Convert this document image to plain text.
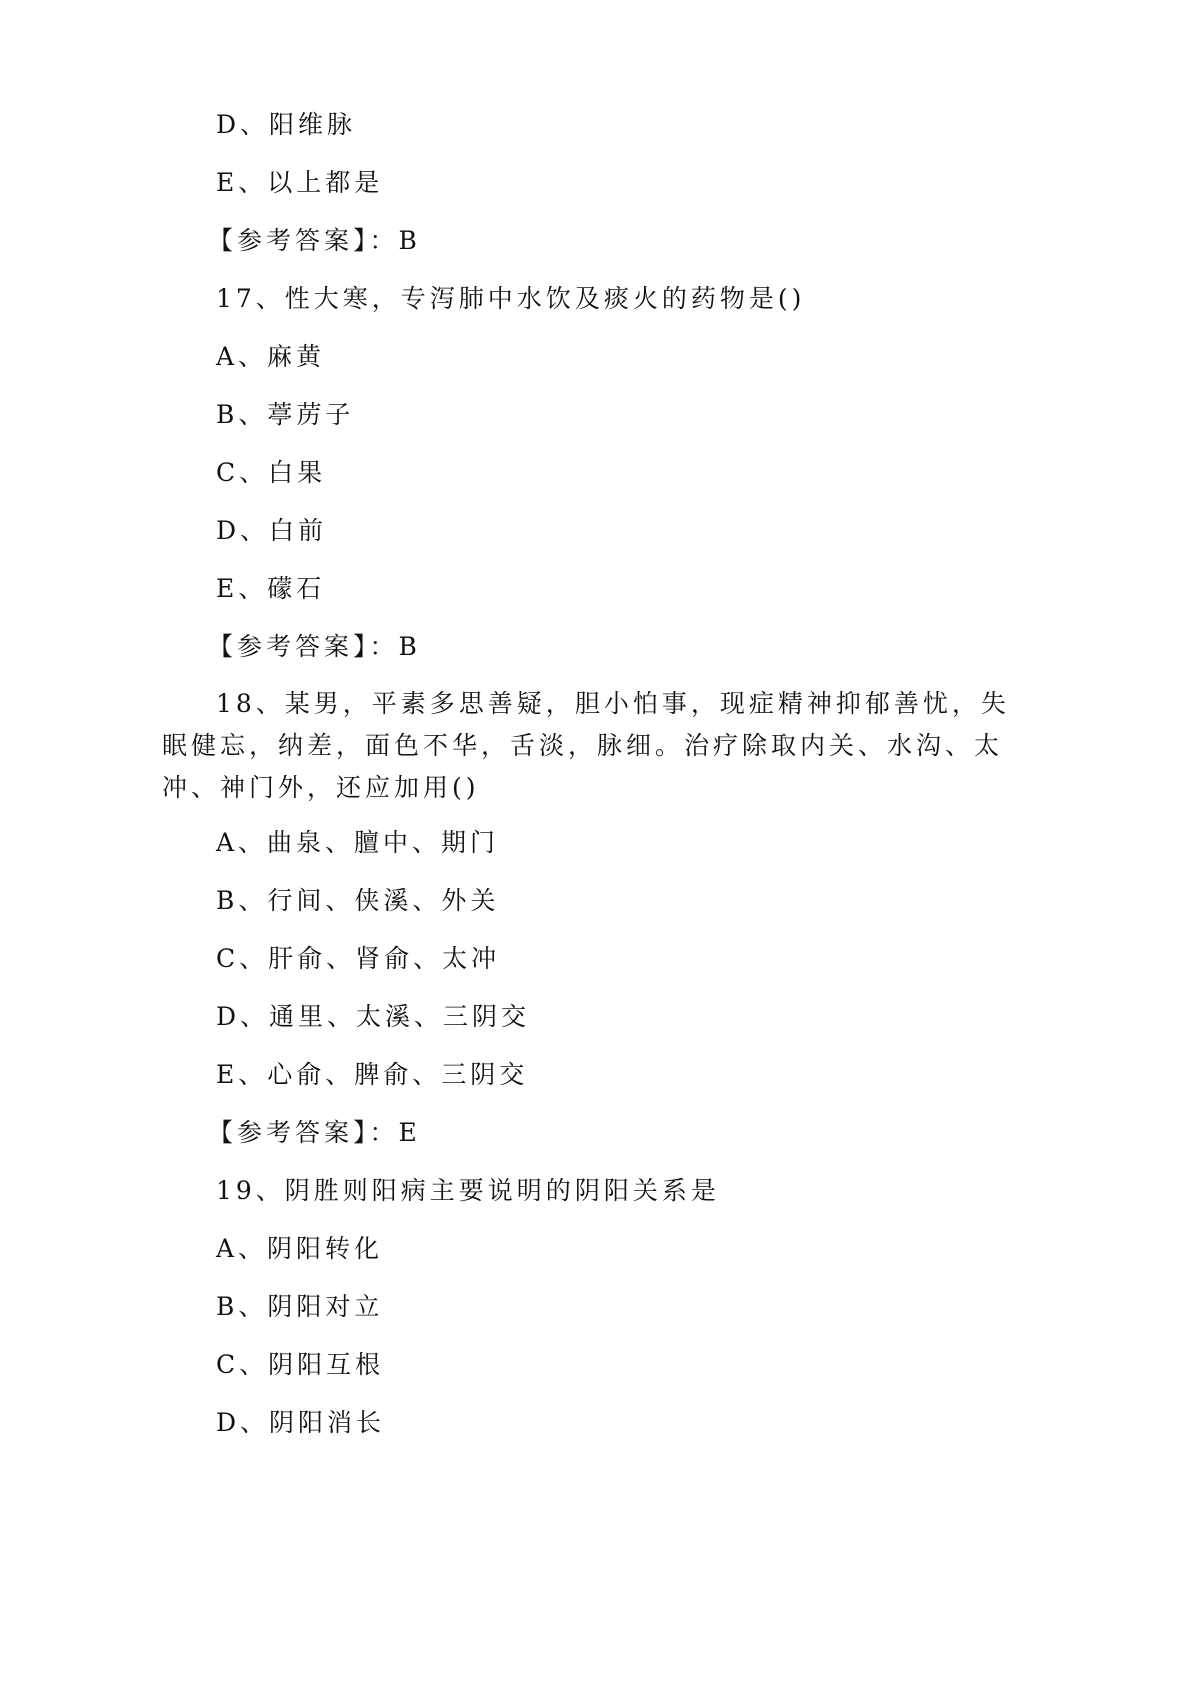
D、阳维脉
E、以上都是
【参考答案】：B
17、性大寒，专泻肺中水饮及痰火的药物是()
A、麻黄
B、葶苈子
C、白果
D、白前
E、礞石
【参考答案】：B
18、某男，平素多思善疑，胆小怕事，现症精神抑郁善忧，失眠健忘，纳差，面色不华，舌淡，脉细。治疗除取内关、水沟、太冲、神门外，还应加用()
A、曲泉、膻中、期门
B、行间、侠溪、外关
C、肝俞、肾俞、太冲
D、通里、太溪、三阴交
E、心俞、脾俞、三阴交
【参考答案】：E
19、阴胜则阳病主要说明的阴阳关系是
A、阴阳转化
B、阴阳对立
C、阴阳互根
D、阴阳消长
